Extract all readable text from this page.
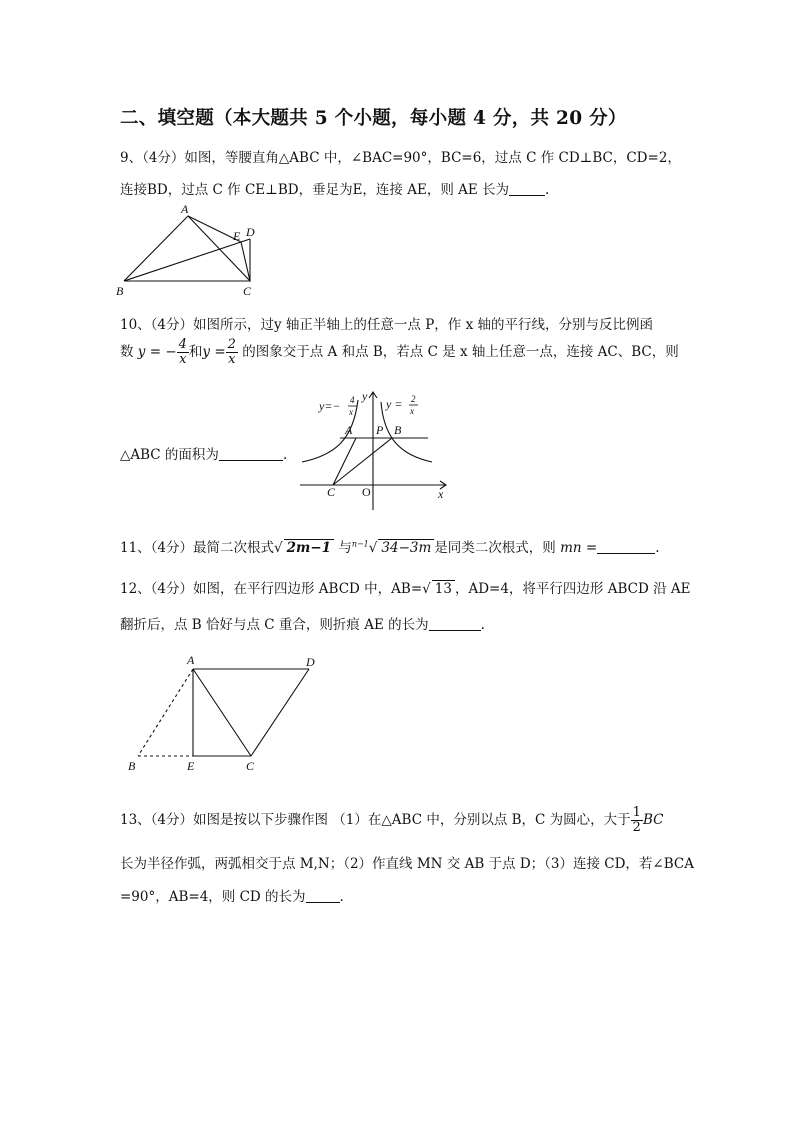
二、填空题（本大题共 5 个小题，每小题 4 分，共 20 分）
9、（4分）如图，等腰直角△ABC 中，∠BAC=90°，BC=6，过点 C 作 CD⊥BC，CD=2，
连接BD，过点 C 作 CE⊥BD，垂足为E，连接 AE，则 AE 长为	.
A
B	C
D
E
10、（4分）如图所示，过y 轴正半轴上的任意一点 P，作 x 轴的平行线，分别与反比例函
数 y = − $\frac{4}{x}$ 和$y = \frac{2}{x}$ 的图象交于点 A 和点 B，若点 C 是 x 轴上任意一点，连接 AC、BC，则
△ABC 的面积为	.
y=− 4
x
y
y = 2
x
A P B
C O	x
11、（4分）最简二次根式√ 2m−1 与$^{n-1}$√ 34−3m 是同类二次根式，则 mn =	.
12、（4分）如图，在平行四边形 ABCD 中，AB=√ 13 ，AD=4，将平行四边形 ABCD 沿 AE
翻折后，点 B 恰好与点 C 重合，则折痕 AE 的长为	.
A	D
B	E	C
13、（4分）如图是按以下步骤作图 （1）在△ABC 中，分别以点 B，C 为圆心，大于 $\frac{1}{2}$ BC
长为半径作弧，两弧相交于点 M,N；（2）作直线 MN 交 AB 于点 D；（3）连接 CD，若∠BCA
=90°，AB=4，则 CD 的长为	.
